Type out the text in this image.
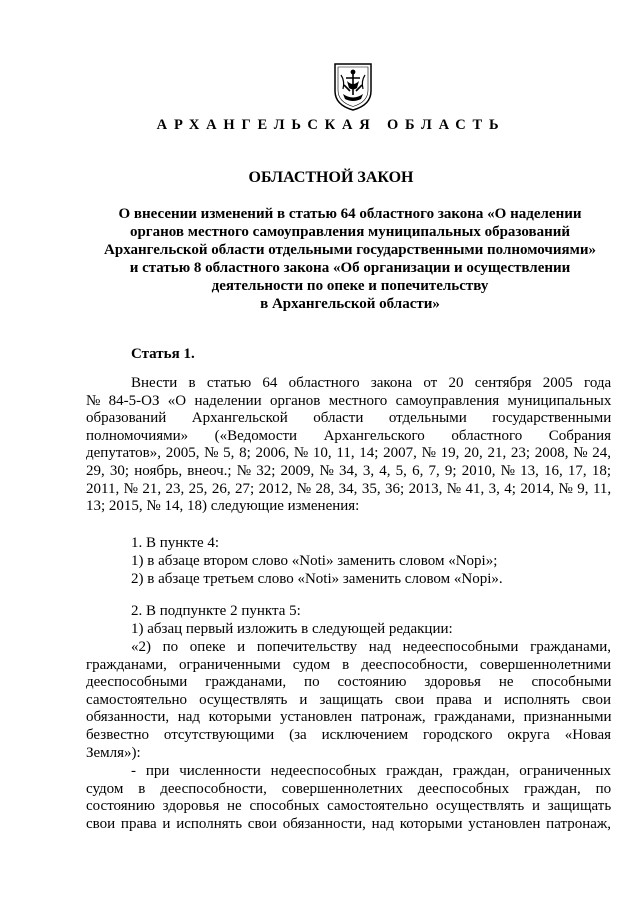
АРХАНГЕЛЬСКАЯ ОБЛАСТЬ
ОБЛАСТНОЙ ЗАКОН
О внесении изменений в статью 64 областного закона «О наделении
органов местного самоуправления муниципальных образований
Архангельской области отдельными государственными полномочиями»
и статью 8 областного закона «Об организации и осуществлении
деятельности по опеке и попечительству
в Архангельской области»
Статья 1.
Внести в статью 64 областного закона от 20 сентября 2005 года
№ 84-5-ОЗ «О наделении органов местного самоуправления муниципальных
образований Архангельской области отдельными государственными
полномочиями» («Ведомости Архангельского областного Собрания
депутатов», 2005, № 5, 8; 2006, № 10, 11, 14; 2007, № 19, 20, 21, 23; 2008, № 24,
29, 30; ноябрь, внеоч.; № 32; 2009, № 34, 3, 4, 5, 6, 7, 9; 2010, № 13, 16, 17, 18;
2011, № 21, 23, 25, 26, 27; 2012, № 28, 34, 35, 36; 2013, № 41, 3, 4; 2014, № 9, 11,
13; 2015, № 14, 18) следующие изменения:
1. В пункте 4:
1) в абзаце втором слово «Noti» заменить словом «Nopi»;
2) в абзаце третьем слово «Noti» заменить словом «Nopi».
2. В подпункте 2 пункта 5:
1) абзац первый изложить в следующей редакции:
«2) по опеке и попечительству над недееспособными гражданами,
гражданами, ограниченными судом в дееспособности, совершеннолетними
дееспособными гражданами, по состоянию здоровья не способными
самостоятельно осуществлять и защищать свои права и исполнять свои
обязанности, над которыми установлен патронаж, гражданами, признанными
безвестно отсутствующими (за исключением городского округа «Новая
Земля»):
- при численности недееспособных граждан, граждан, ограниченных
судом в дееспособности, совершеннолетних дееспособных граждан, по
состоянию здоровья не способных самостоятельно осуществлять и защищать
свои права и исполнять свои обязанности, над которыми установлен патронаж,
